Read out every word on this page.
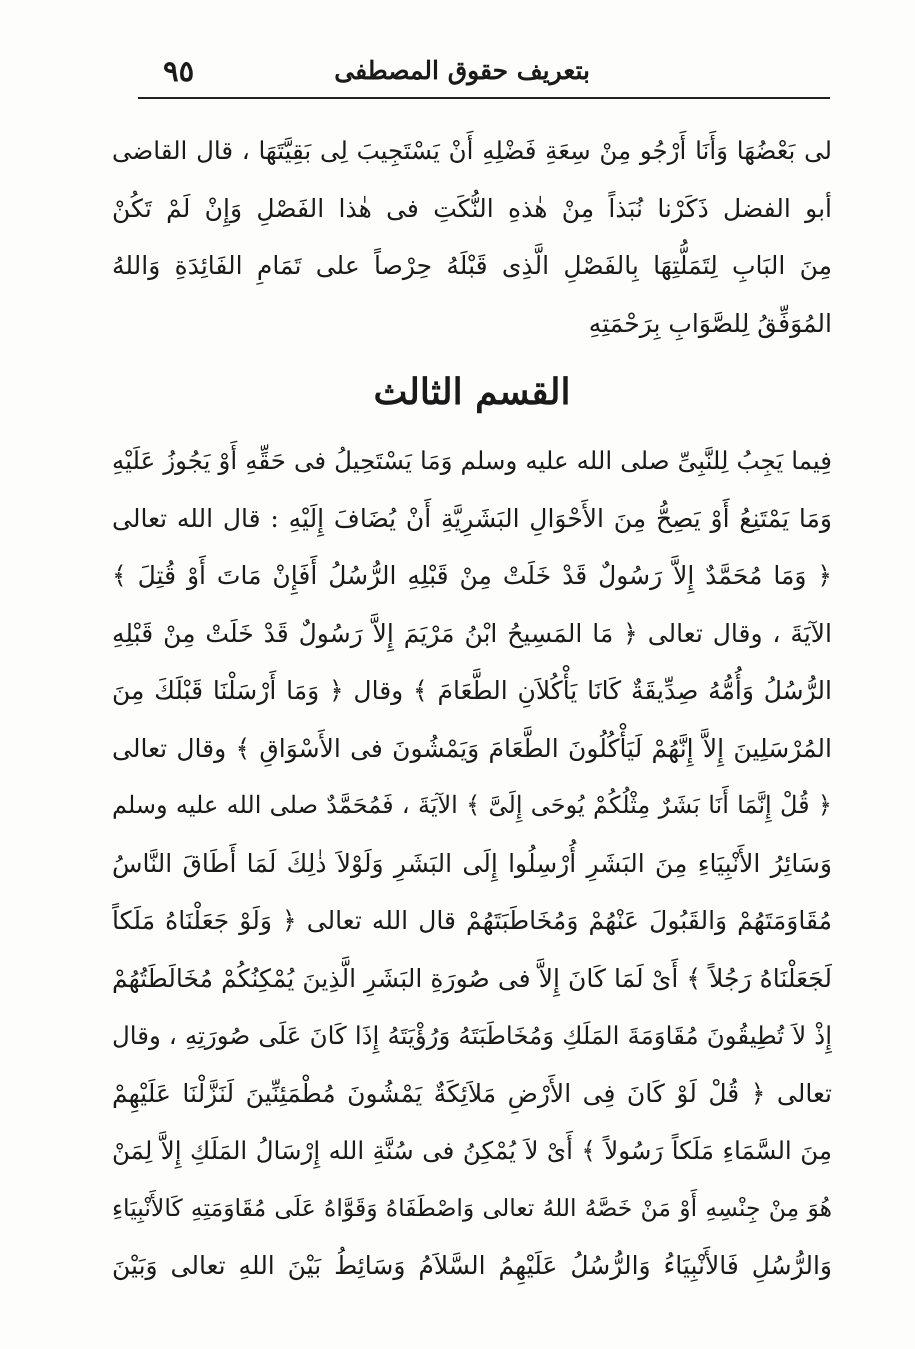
بتعريف حقوق المصطفى
٩٥
لى بَعْضُهَا وَأَنَا أَرْجُو مِنْ سِعَةِ فَضْلِهِ أَنْ يَسْتَجِيبَ لِى بَقِيَّتَهَا ، قال القاضى
أبو الفضل ذَكَرْنا نُبَذاً مِنْ هٰذهِ النُّكَتِ فى هٰذا الفَصْلِ وَإِنْ لَمْ تَكُنْ
مِنَ البَابِ لِتَمَلُّتِهَا بِالفَصْلِ الَّذِى قَبْلَهُ حِرْصاً على تَمَامِ الفَائِدَةِ وَاللهُ
المُوَفِّقُ لِلصَّوَابِ بِرَحْمَتِهِ
القسم الثالث
فِيما يَجِبُ لِلنَّبِىِّ صلى الله عليه وسلم وَمَا يَسْتَحِيلُ فى حَقِّهِ أَوْ يَجُوزُ عَلَيْهِ
وَمَا يَمْتَنِعُ أَوْ يَصِحُّ مِنَ الأَحْوَالِ البَشَرِيَّةِ أَنْ يُضَافَ إِلَيْهِ : قال الله تعالى
﴿ وَمَا مُحَمَّدٌ إِلاَّ رَسُولٌ قَدْ خَلَتْ مِنْ قَبْلِهِ الرُّسُلُ أَفَإِنْ مَاتَ أَوْ قُتِلَ ﴾
الآيَةَ ، وقال تعالى ﴿ مَا المَسِيحُ ابْنُ مَرْيَمَ إِلاَّ رَسُولٌ قَدْ خَلَتْ مِنْ قَبْلِهِ
الرُّسُلُ وَأُمُّهُ صِدِّيقَةٌ كَانَا يَأْكُلاَنِ الطَّعَامَ ﴾ وقال ﴿ وَمَا أَرْسَلْنَا قَبْلَكَ مِنَ
المُرْسَلِينَ إِلاَّ إِنَّهُمْ لَيَأْكُلُونَ الطَّعَامَ وَيَمْشُونَ فى الأَسْوَاقِ ﴾ وقال تعالى
﴿ قُلْ إِنَّمَا أَنَا بَشَرٌ مِثْلُكُمْ يُوحَى إِلَىَّ ﴾ الآيَةَ ، فَمُحَمَّدٌ صلى الله عليه وسلم
وَسَائِرُ الأَنْبِيَاءِ مِنَ البَشَرِ أُرْسِلُوا إِلَى البَشَرِ وَلَوْلاَ ذٰلِكَ لَمَا أَطَاقَ النَّاسُ
مُقَاوَمَتَهُمْ وَالقَبُولَ عَنْهُمْ وَمُخَاطَبَتَهُمْ قال الله تعالى ﴿ وَلَوْ جَعَلْنَاهُ مَلَكاً
لَجَعَلْنَاهُ رَجُلاً ﴾ أَىْ لَمَا كَانَ إِلاَّ فى صُورَةِ البَشَرِ الَّذِينَ يُمْكِنُكُمْ مُخَالَطَتُهُمْ
إِذْ لاَ تُطِيقُونَ مُقَاوَمَةَ المَلَكِ وَمُخَاطَبَتَهُ وَرُؤْيَتَهُ إِذَا كَانَ عَلَى صُورَتِهِ ، وقال
تعالى ﴿ قُلْ لَوْ كَانَ فِى الأَرْضِ مَلاَئِكَةٌ يَمْشُونَ مُطْمَئِنِّينَ لَنَزَّلْنَا عَلَيْهِمْ
مِنَ السَّمَاءِ مَلَكاً رَسُولاً ﴾ أَىْ لاَ يُمْكِنُ فى سُنَّةِ الله إِرْسَالُ المَلَكِ إِلاَّ لِمَنْ
هُوَ مِنْ جِنْسِهِ أَوْ مَنْ خَصَّهُ اللهُ تعالى وَاصْطَفَاهُ وَقَوَّاهُ عَلَى مُقَاوَمَتِهِ كَالأَنْبِيَاءِ
وَالرُّسُلِ فَالأَنْبِيَاءُ وَالرُّسُلُ عَلَيْهِمُ السَّلاَمُ وَسَائِطُ بَيْنَ اللهِ تعالى وَبَيْنَ
